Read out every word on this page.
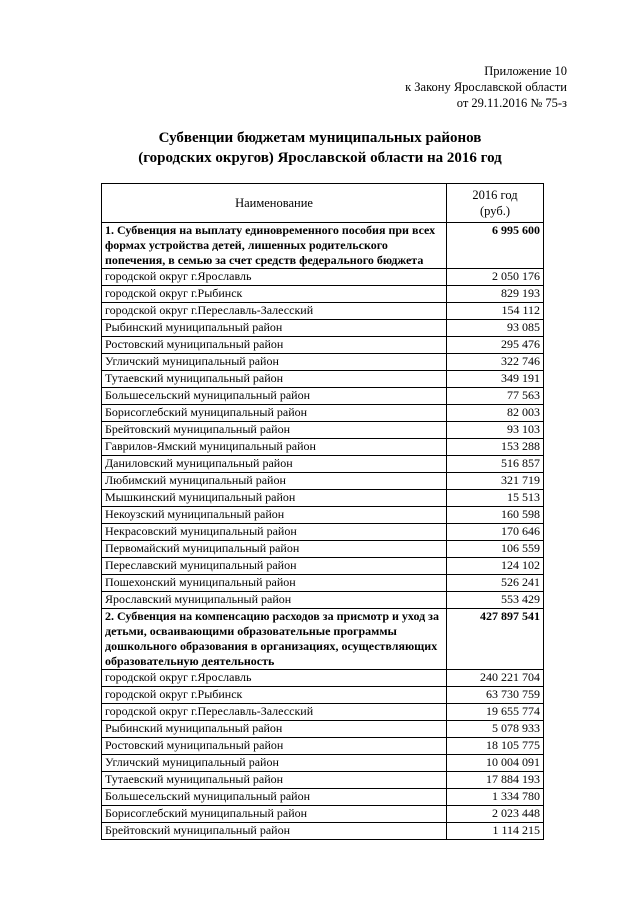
Приложение 10
к Закону Ярославской области
от 29.11.2016 № 75-з
Субвенции бюджетам муниципальных районов
(городских округов) Ярославской области на 2016 год
Наименование	2016 год
(руб.)

1. Субвенция на выплату единовременного пособия при всех формах устройства детей, лишенных родительского попечения, в семью за счет средств федерального бюджета	6 995 600
городской округ г.Ярославль	2 050 176
городской округ г.Рыбинск	829 193
городской округ г.Переславль-Залесский	154 112
Рыбинский муниципальный район	93 085
Ростовский муниципальный район	295 476
Угличский муниципальный район	322 746
Тутаевский муниципальный район	349 191
Большесельский муниципальный район	77 563
Борисоглебский муниципальный район	82 003
Брейтовский муниципальный район	93 103
Гаврилов-Ямский муниципальный район	153 288
Даниловский муниципальный район	516 857
Любимский муниципальный район	321 719
Мышкинский муниципальный район	15 513
Некоузский муниципальный район	160 598
Некрасовский муниципальный район	170 646
Первомайский муниципальный район	106 559
Переславский муниципальный район	124 102
Пошехонский муниципальный район	526 241
Ярославский муниципальный район	553 429
2. Субвенция на компенсацию расходов за присмотр и уход за детьми, осваивающими образовательные программы дошкольного образования в организациях, осуществляющих образовательную деятельность	427 897 541
городской округ г.Ярославль	240 221 704
городской округ г.Рыбинск	63 730 759
городской округ г.Переславль-Залесский	19 655 774
Рыбинский муниципальный район	5 078 933
Ростовский муниципальный район	18 105 775
Угличский муниципальный район	10 004 091
Тутаевский муниципальный район	17 884 193
Большесельский муниципальный район	1 334 780
Борисоглебский муниципальный район	2 023 448
Брейтовский муниципальный район	1 114 215
